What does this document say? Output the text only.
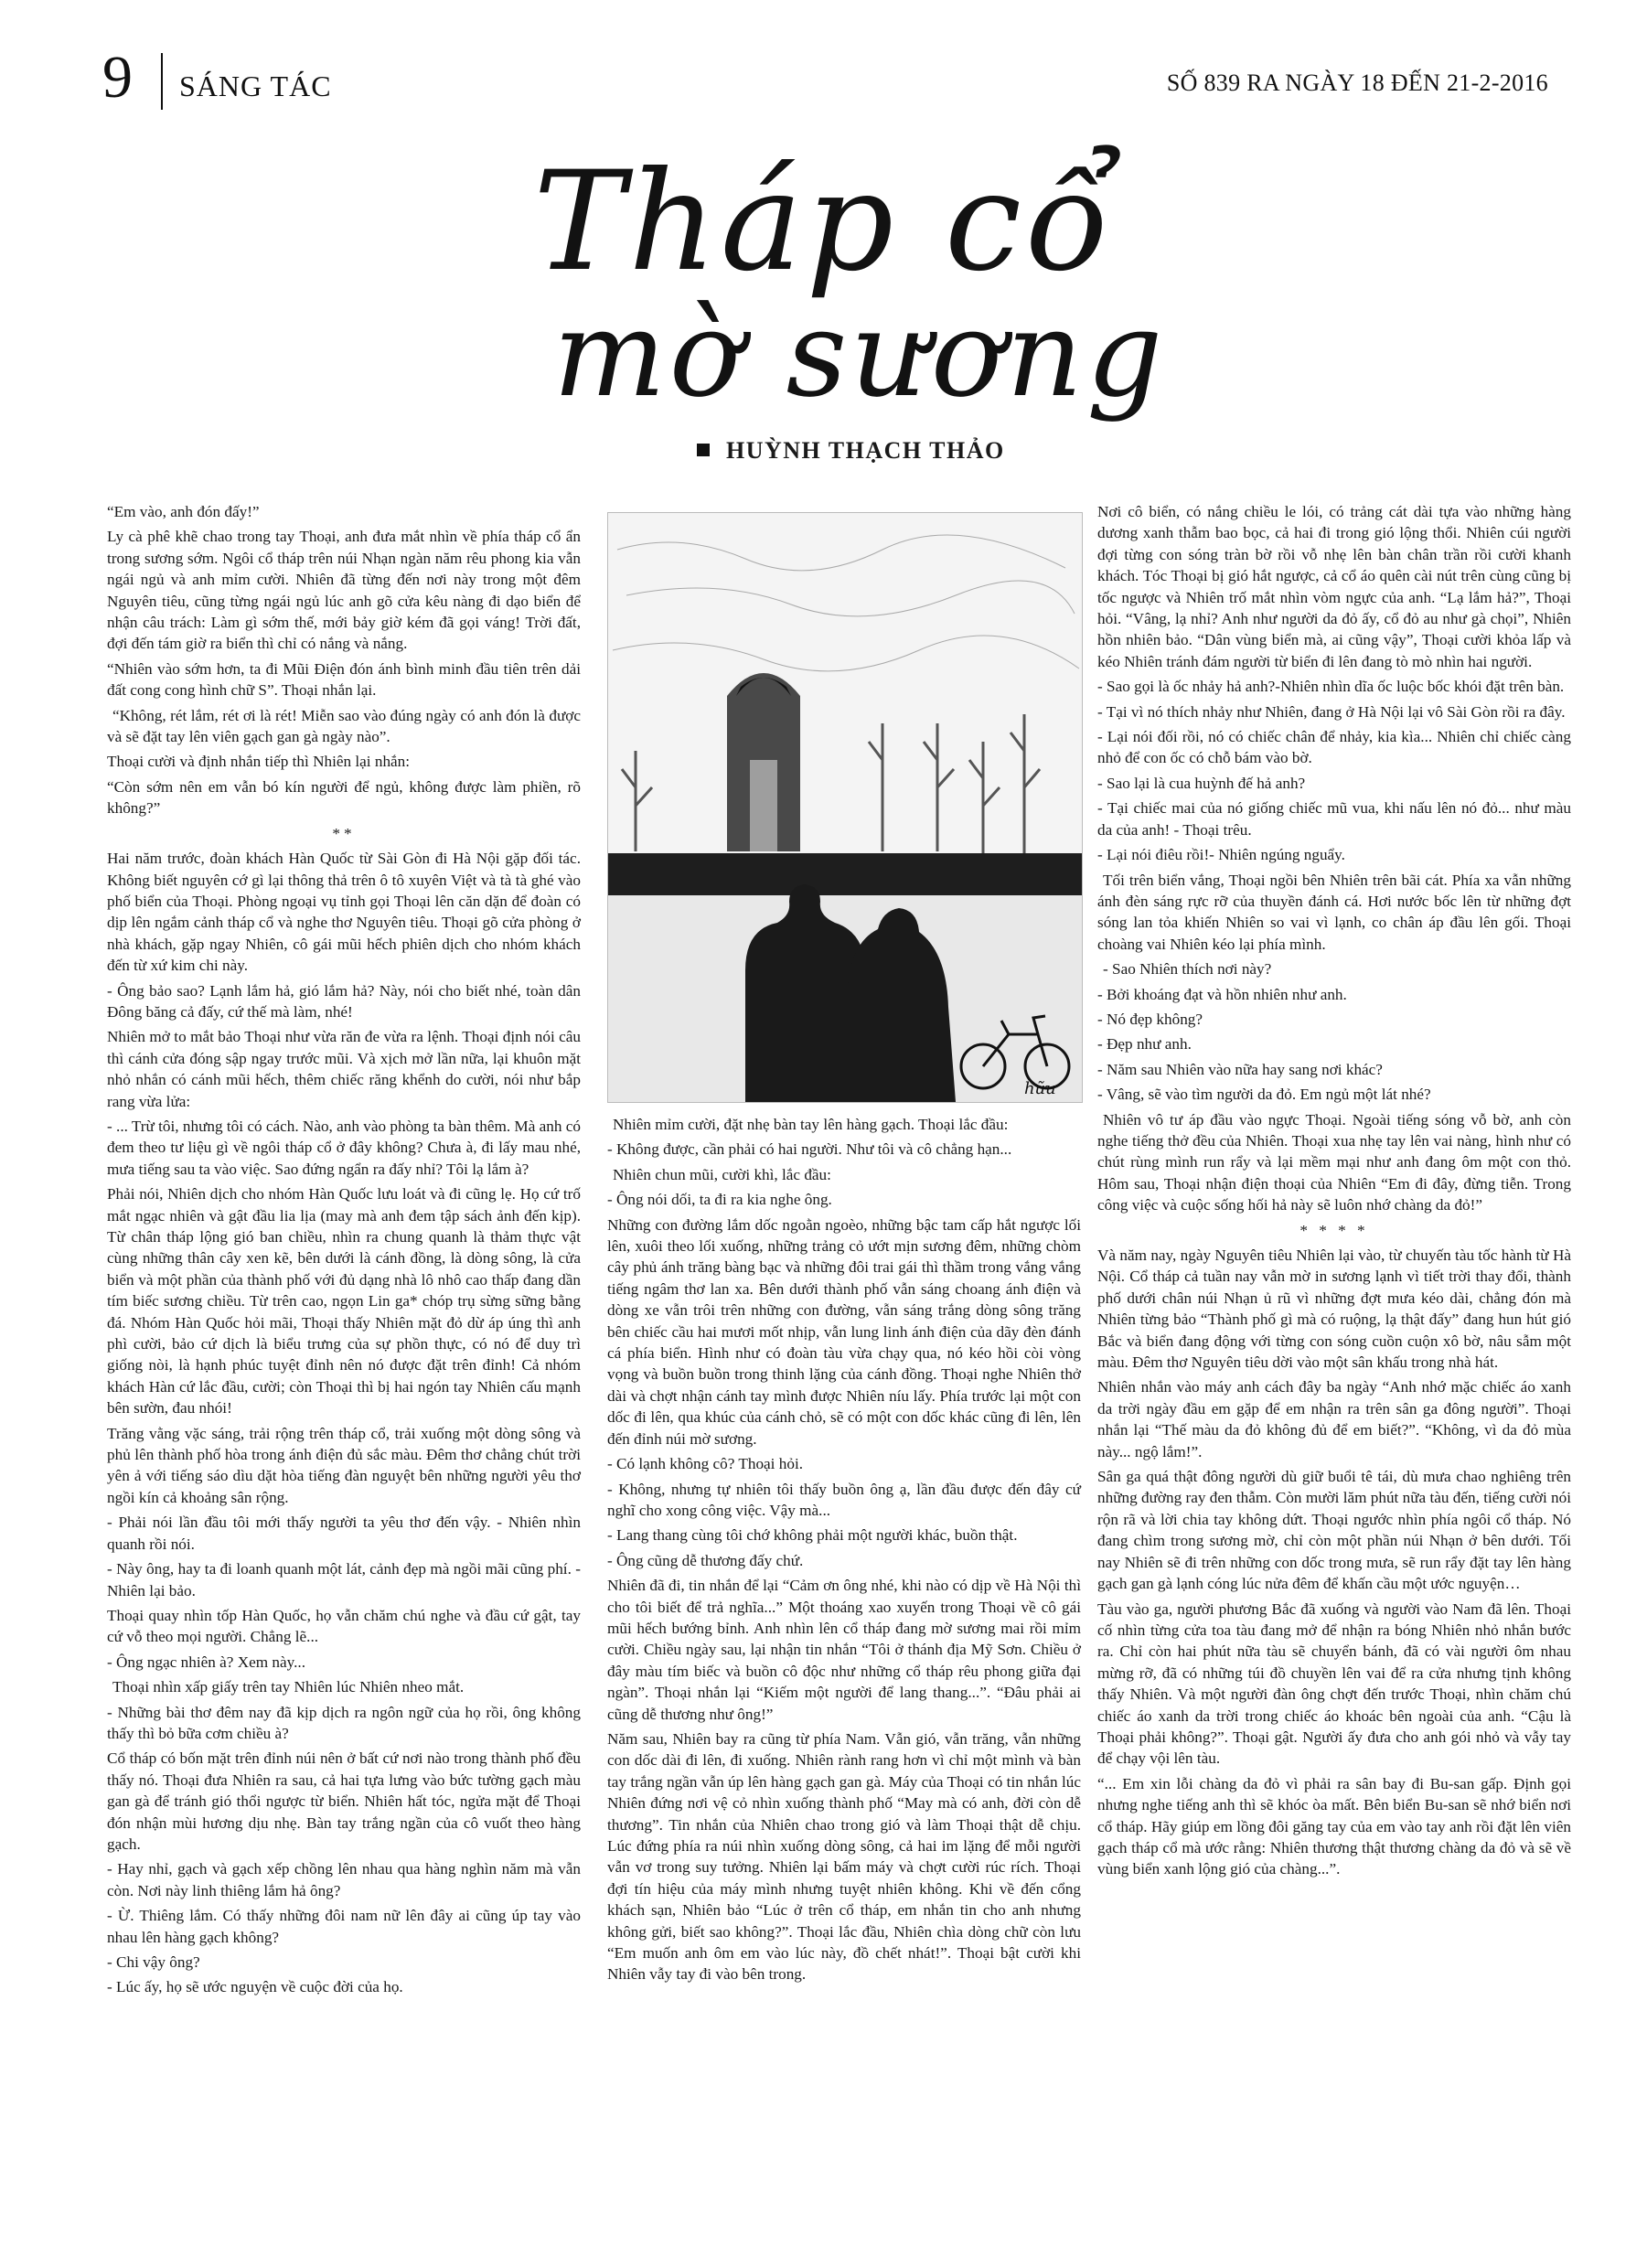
9 SÁNG TÁC	SỐ 839 RA NGÀY 18 ĐẾN 21-2-2016
Tháp cổ
mờ sương
HUỲNH THẠCH THẢO

“Em vào, anh đón đấy!”

Ly cà phê khẽ chao trong tay Thoại, anh đưa mắt nhìn về phía tháp cổ ẩn trong sương sớm. Ngôi cổ tháp trên núi Nhạn ngàn năm rêu phong kia vẫn ngái ngủ và anh mỉm cười. Nhiên đã từng đến nơi này trong một đêm Nguyên tiêu, cũng từng ngái ngủ lúc anh gõ cửa kêu nàng đi dạo biển để nhận câu trách: Làm gì sớm thế, mới bảy giờ kém đã gọi váng! Trời đất, đợi đến tám giờ ra biển thì chỉ có nắng và nắng.

“Nhiên vào sớm hơn, ta đi Mũi Điện đón ánh bình minh đầu tiên trên dải đất cong cong hình chữ S”. Thoại nhắn lại.

“Không, rét lắm, rét ơi là rét! Miễn sao vào đúng ngày có anh đón là được và sẽ đặt tay lên viên gạch gan gà ngày nào”.

Thoại cười và định nhắn tiếp thì Nhiên lại nhắn:

“Còn sớm nên em vẫn bó kín người để ngủ, không được làm phiền, rõ không?”

**

Hai năm trước, đoàn khách Hàn Quốc từ Sài Gòn đi Hà Nội gặp đối tác. Không biết nguyên cớ gì lại thông thả trên ô tô xuyên Việt và tà tà ghé vào phố biển của Thoại. Phòng ngoại vụ tỉnh gọi Thoại lên căn dặn để đoàn có dịp lên ngắm cảnh tháp cổ và nghe thơ Nguyên tiêu. Thoại gõ cửa phòng ở nhà khách, gặp ngay Nhiên, cô gái mũi hếch phiên dịch cho nhóm khách đến từ xứ kim chi này.

- Ông bảo sao? Lạnh lắm hả, gió lắm hả? Này, nói cho biết nhé, toàn dân Đông băng cả đấy, cứ thế mà làm, nhé!

Nhiên mở to mắt bảo Thoại như vừa răn đe vừa ra lệnh. Thoại định nói câu thì cánh cửa đóng sập ngay trước mũi. Và xịch mở lần nữa, lại khuôn mặt nhỏ nhắn có cánh mũi hếch, thêm chiếc răng khểnh do cười, nói như bắp rang vừa lửa:

- ... Trừ tôi, nhưng tôi có cách. Nào, anh vào phòng ta bàn thêm. Mà anh có đem theo tư liệu gì về ngôi tháp cổ ở đây không? Chưa à, đi lấy mau nhé, mưa tiếng sau ta vào việc. Sao đứng ngẩn ra đấy nhỉ? Tôi lạ lắm à?

Phải nói, Nhiên dịch cho nhóm Hàn Quốc lưu loát và đi cũng lẹ. Họ cứ trố mắt ngạc nhiên và gật đầu lia lịa (may mà anh đem tập sách ảnh đến kịp). Từ chân tháp lộng gió ban chiều, nhìn ra chung quanh là thảm thực vật cùng những thân cây xen kẽ, bên dưới là cánh đồng, là dòng sông, là cửa biển và một phần của thành phố với đủ dạng nhà lô nhô cao thấp đang dần tím biếc sương chiều. Từ trên cao, ngọn Lin ga* chóp trụ sừng sững bằng đá. Nhóm Hàn Quốc hỏi mãi, Thoại thấy Nhiên mặt đỏ dừ áp úng thì anh phì cười, bảo cứ dịch là biểu trưng của sự phồn thực, có nó để duy trì giống nòi, là hạnh phúc tuyệt đỉnh nên nó được đặt trên đỉnh! Cả nhóm khách Hàn cứ lắc đầu, cười; còn Thoại thì bị hai ngón tay Nhiên cấu mạnh bên sườn, đau nhói!

Trăng vằng vặc sáng, trải rộng trên tháp cổ, trải xuống một dòng sông và phủ lên thành phố hòa trong ánh điện đủ sắc màu. Đêm thơ chẳng chút trời yên ả với tiếng sáo dìu dặt hòa tiếng đàn nguyệt bên những người yêu thơ ngồi kín cả khoảng sân rộng.

- Phải nói lần đầu tôi mới thấy người ta yêu thơ đến vậy. - Nhiên nhìn quanh rồi nói.

- Này ông, hay ta đi loanh quanh một lát, cảnh đẹp mà ngồi mãi cũng phí. - Nhiên lại bảo.

Thoại quay nhìn tốp Hàn Quốc, họ vẫn chăm chú nghe và đầu cứ gật, tay cứ vỗ theo mọi người. Chẳng lẽ...

- Ông ngạc nhiên à? Xem này...

Thoại nhìn xấp giấy trên tay Nhiên lúc Nhiên nheo mắt.

- Những bài thơ đêm nay đã kịp dịch ra ngôn ngữ của họ rồi, ông không thấy thì bỏ bữa cơm chiều à?

Cổ tháp có bốn mặt trên đỉnh núi nên ở bất cứ nơi nào trong thành phố đều thấy nó. Thoại đưa Nhiên ra sau, cả hai tựa lưng vào bức tường gạch màu gan gà để tránh gió thổi ngược từ biển. Nhiên hất tóc, ngửa mặt để Thoại đón nhận mùi hương dịu nhẹ. Bàn tay trắng ngần của cô vuốt theo hàng gạch.

- Hay nhỉ, gạch và gạch xếp chồng lên nhau qua hàng nghìn năm mà vẫn còn. Nơi này linh thiêng lắm hả ông?

- Ừ. Thiêng lắm. Có thấy những đôi nam nữ lên đây ai cũng úp tay vào nhau lên hàng gạch không?

- Chi vậy ông?

- Lúc ấy, họ sẽ ước nguyện về cuộc đời của họ.

hữu

Nhiên mỉm cười, đặt nhẹ bàn tay lên hàng gạch. Thoại lắc đầu:

- Không được, cần phải có hai người. Như tôi và cô chẳng hạn...

Nhiên chun mũi, cười khì, lắc đầu:

- Ông nói dối, ta đi ra kia nghe ông.

Những con đường lắm dốc ngoằn ngoèo, những bậc tam cấp hắt ngược lối lên, xuôi theo lối xuống, những trảng cỏ ướt mịn sương đêm, những chòm cây phủ ánh trăng bàng bạc và những đôi trai gái thì thầm trong vắng vắng tiếng ngâm thơ lan xa. Bên dưới thành phố vẫn sáng choang ánh điện và dòng xe vẫn trôi trên những con đường, vẫn sáng trắng dòng sông trăng bên chiếc cầu hai mươi mốt nhịp, vẫn lung linh ánh điện của dãy đèn đánh cá phía biển. Hình như có đoàn tàu vừa chạy qua, nó kéo hồi còi vòng vọng và buồn buồn trong thinh lặng của cánh đồng. Thoại nghe Nhiên thở dài và chợt nhận cánh tay mình được Nhiên níu lấy. Phía trước lại một con dốc đi lên, qua khúc của cánh chỏ, sẽ có một con dốc khác cũng đi lên, lên đến đỉnh núi mờ sương.

- Có lạnh không cô? Thoại hỏi.

- Không, nhưng tự nhiên tôi thấy buồn ông ạ, lần đầu được đến đây cứ nghĩ cho xong công việc. Vậy mà...

- Lang thang cùng tôi chớ không phải một người khác, buồn thật.

- Ông cũng dễ thương đấy chứ.

Nhiên đã đi, tin nhắn để lại “Cảm ơn ông nhé, khi nào có dịp về Hà Nội thì cho tôi biết để trả nghĩa...” Một thoáng xao xuyến trong Thoại về cô gái mũi hếch bướng bỉnh. Anh nhìn lên cổ tháp đang mờ sương mai rồi mỉm cười. Chiều ngày sau, lại nhận tin nhắn “Tôi ở thánh địa Mỹ Sơn. Chiều ở đây màu tím biếc và buồn cô độc như những cổ tháp rêu phong giữa đại ngàn”. Thoại nhắn lại “Kiếm một người để lang thang...”. “Đâu phải ai cũng dễ thương như ông!”

Năm sau, Nhiên bay ra cũng từ phía Nam. Vẫn gió, vẫn trăng, vẫn những con dốc dài đi lên, đi xuống. Nhiên rành rang hơn vì chỉ một mình và bàn tay trắng ngần vẫn úp lên hàng gạch gan gà. Máy của Thoại có tin nhắn lúc Nhiên đứng nơi vệ cỏ nhìn xuống thành phố “May mà có anh, đời còn dễ thương”. Tin nhắn của Nhiên chao trong gió và làm Thoại thật dễ chịu. Lúc đứng phía ra núi nhìn xuống dòng sông, cả hai im lặng để mỗi người vẫn vơ trong suy tưởng. Nhiên lại bấm máy và chợt cười rúc rích. Thoại đợi tín hiệu của máy mình nhưng tuyệt nhiên không. Khi về đến cổng khách sạn, Nhiên bảo “Lúc ở trên cổ tháp, em nhắn tin cho anh nhưng không gửi, biết sao không?”. Thoại lắc đầu, Nhiên chìa dòng chữ còn lưu “Em muốn anh ôm em vào lúc này, đồ chết nhát!”. Thoại bật cười khi Nhiên vẫy tay đi vào bên trong.

Nơi cô biển, có nắng chiều le lói, có trảng cát dài tựa vào những hàng dương xanh thẫm bao bọc, cả hai đi trong gió lộng thổi. Nhiên cúi người đợi từng con sóng tràn bờ rồi vỗ nhẹ lên bàn chân trần rồi cười khanh khách. Tóc Thoại bị gió hắt ngược, cả cổ áo quên cài nút trên cùng cũng bị tốc ngược và Nhiên trố mắt nhìn vòm ngực của anh. “Lạ lắm hả?”, Thoại hỏi. “Vâng, lạ nhỉ? Anh như người da đỏ ấy, cổ đỏ au như gà chọi”, Nhiên hồn nhiên bảo. “Dân vùng biển mà, ai cũng vậy”, Thoại cười khỏa lấp và kéo Nhiên tránh đám người từ biển đi lên đang tò mò nhìn hai người.

- Sao gọi là ốc nhảy hả anh?-Nhiên nhìn dĩa ốc luộc bốc khói đặt trên bàn.

- Tại vì nó thích nhảy như Nhiên, đang ở Hà Nội lại vô Sài Gòn rồi ra đây.

- Lại nói đối rồi, nó có chiếc chân để nhảy, kia kìa... Nhiên chỉ chiếc càng nhỏ để con ốc có chỗ bám vào bờ.

- Sao lại là cua huỳnh đế hả anh?

- Tại chiếc mai của nó giống chiếc mũ vua, khi nấu lên nó đỏ... như màu da của anh! - Thoại trêu.

- Lại nói điêu rồi!- Nhiên ngúng nguẩy.

Tối trên biển vắng, Thoại ngồi bên Nhiên trên bãi cát. Phía xa vẫn những ánh đèn sáng rực rỡ của thuyền đánh cá. Hơi nước bốc lên từ những đợt sóng lan tỏa khiến Nhiên so vai vì lạnh, co chân áp đầu lên gối. Thoại choàng vai Nhiên kéo lại phía mình.

- Sao Nhiên thích nơi này?

- Bởi khoáng đạt và hồn nhiên như anh.

- Nó đẹp không?

- Đẹp như anh.

- Năm sau Nhiên vào nữa hay sang nơi khác?

- Vâng, sẽ vào tìm người da đỏ. Em ngủ một lát nhé?

Nhiên vô tư áp đầu vào ngực Thoại. Ngoài tiếng sóng vỗ bờ, anh còn nghe tiếng thở đều của Nhiên. Thoại xua nhẹ tay lên vai nàng, hình như có chút rùng mình run rẩy và lại mềm mại như anh đang ôm một con thỏ. Hôm sau, Thoại nhận điện thoại của Nhiên “Em đi đây, đừng tiễn. Trong công việc và cuộc sống hối hả này sẽ luôn nhớ chàng da đỏ!”

* * * *

Và năm nay, ngày Nguyên tiêu Nhiên lại vào, từ chuyến tàu tốc hành từ Hà Nội. Cổ tháp cả tuần nay vẫn mờ in sương lạnh vì tiết trời thay đổi, thành phố dưới chân núi Nhạn ủ rũ vì những đợt mưa kéo dài, chẳng đón mà Nhiên từng bảo “Thành phố gì mà có ruộng, lạ thật đấy” đang hun hút gió Bắc và biển đang động với từng con sóng cuồn cuộn xô bờ, nâu sẫm một màu. Đêm thơ Nguyên tiêu dời vào một sân khấu trong nhà hát.

Nhiên nhắn vào máy anh cách đây ba ngày “Anh nhớ mặc chiếc áo xanh da trời ngày đầu em gặp để em nhận ra trên sân ga đông người”. Thoại nhắn lại “Thế màu da đỏ không đủ để em biết?”. “Không, vì da đỏ mùa này... ngộ lắm!”.

Sân ga quá thật đông người dù giữ buổi tê tái, dù mưa chao nghiêng trên những đường ray đen thẫm. Còn mười lăm phút nữa tàu đến, tiếng cười nói rộn rã và lời chia tay không dứt. Thoại ngước nhìn phía ngôi cổ tháp. Nó đang chìm trong sương mờ, chỉ còn một phần núi Nhạn ở bên dưới. Tối nay Nhiên sẽ đi trên những con dốc trong mưa, sẽ run rẩy đặt tay lên hàng gạch gan gà lạnh cóng lúc nửa đêm để khấn cầu một ước nguyện…

Tàu vào ga, người phương Bắc đã xuống và người vào Nam đã lên. Thoại cố nhìn từng cửa toa tàu đang mở để nhận ra bóng Nhiên nhỏ nhắn bước ra. Chỉ còn hai phút nữa tàu sẽ chuyển bánh, đã có vài người ôm nhau mừng rỡ, đã có những túi đồ chuyền lên vai để ra cửa nhưng tịnh không thấy Nhiên. Và một người đàn ông chợt đến trước Thoại, nhìn chăm chú chiếc áo xanh da trời trong chiếc áo khoác bên ngoài của anh. “Cậu là Thoại phải không?”. Thoại gật. Người ấy đưa cho anh gói nhỏ và vẫy tay để chạy vội lên tàu.

“... Em xin lỗi chàng da đỏ vì phải ra sân bay đi Bu-san gấp. Định gọi nhưng nghe tiếng anh thì sẽ khóc òa mất. Bên biển Bu-san sẽ nhớ biển nơi cổ tháp. Hãy giúp em lồng đôi găng tay của em vào tay anh rồi đặt lên viên gạch tháp cổ mà ước rằng: Nhiên thương thật thương chàng da đỏ và sẽ về vùng biển xanh lộng gió của chàng...”.
